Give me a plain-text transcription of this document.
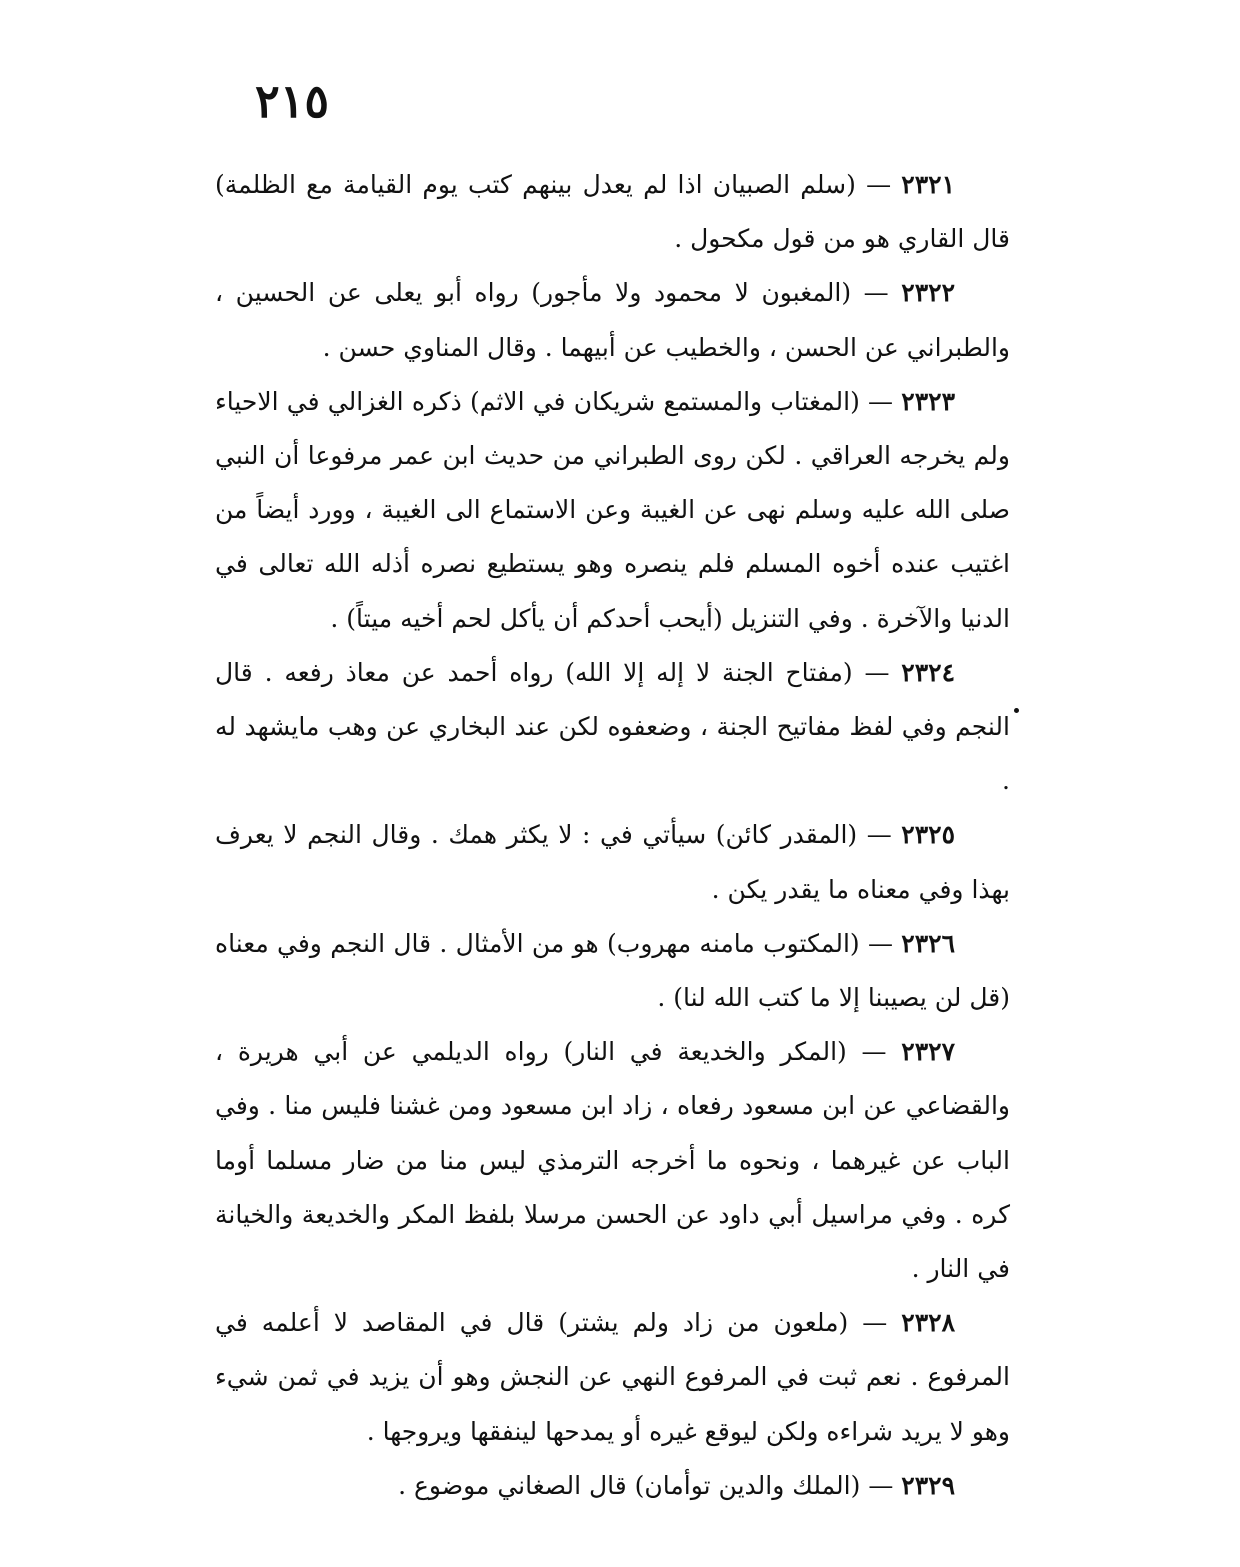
٢١٥

٢٣٢١ — (سلم الصبيان اذا لم يعدل بينهم كتب يوم القيامة مع الظلمة) قال القاري هو من قول مكحول .

٢٣٢٢ — (المغبون لا محمود ولا مأجور) رواه أبو يعلى عن الحسين ، والطبراني عن الحسن ، والخطيب عن أبيهما . وقال المناوي حسن .

٢٣٢٣ — (المغتاب والمستمع شريكان في الاثم) ذكره الغزالي في الاحياء ولم يخرجه العراقي . لكن روى الطبراني من حديث ابن عمر مرفوعا أن النبي صلى الله عليه وسلم نهى عن الغيبة وعن الاستماع الى الغيبة ، وورد أيضاً من اغتيب عنده أخوه المسلم فلم ينصره وهو يستطيع نصره أذله الله تعالى في الدنيا والآخرة . وفي التنزيل (أيحب أحدكم أن يأكل لحم أخيه ميتاً) .

٢٣٢٤ — (مفتاح الجنة لا إله إلا الله) رواه أحمد عن معاذ رفعه . قال النجم وفي لفظ مفاتيح الجنة ، وضعفوه لكن عند البخاري عن وهب مايشهد له .

٢٣٢٥ — (المقدر كائن) سيأتي في : لا يكثر همك . وقال النجم لا يعرف بهذا وفي معناه ما يقدر يكن .

٢٣٢٦ — (المكتوب مامنه مهروب) هو من الأمثال . قال النجم وفي معناه (قل لن يصيبنا إلا ما كتب الله لنا) .

٢٣٢٧ — (المكر والخديعة في النار) رواه الديلمي عن أبي هريرة ، والقضاعي عن ابن مسعود رفعاه ، زاد ابن مسعود ومن غشنا فليس منا . وفي الباب عن غيرهما ، ونحوه ما أخرجه الترمذي ليس منا من ضار مسلما أوما كره . وفي مراسيل أبي داود عن الحسن مرسلا بلفظ المكر والخديعة والخيانة في النار .

٢٣٢٨ — (ملعون من زاد ولم يشتر) قال في المقاصد لا أعلمه في المرفوع . نعم ثبت في المرفوع النهي عن النجش وهو أن يزيد في ثمن شيء وهو لا يريد شراءه ولكن ليوقع غيره أو يمدحها لينفقها ويروجها .

٢٣٢٩ — (الملك والدين توأمان) قال الصغاني موضوع .
